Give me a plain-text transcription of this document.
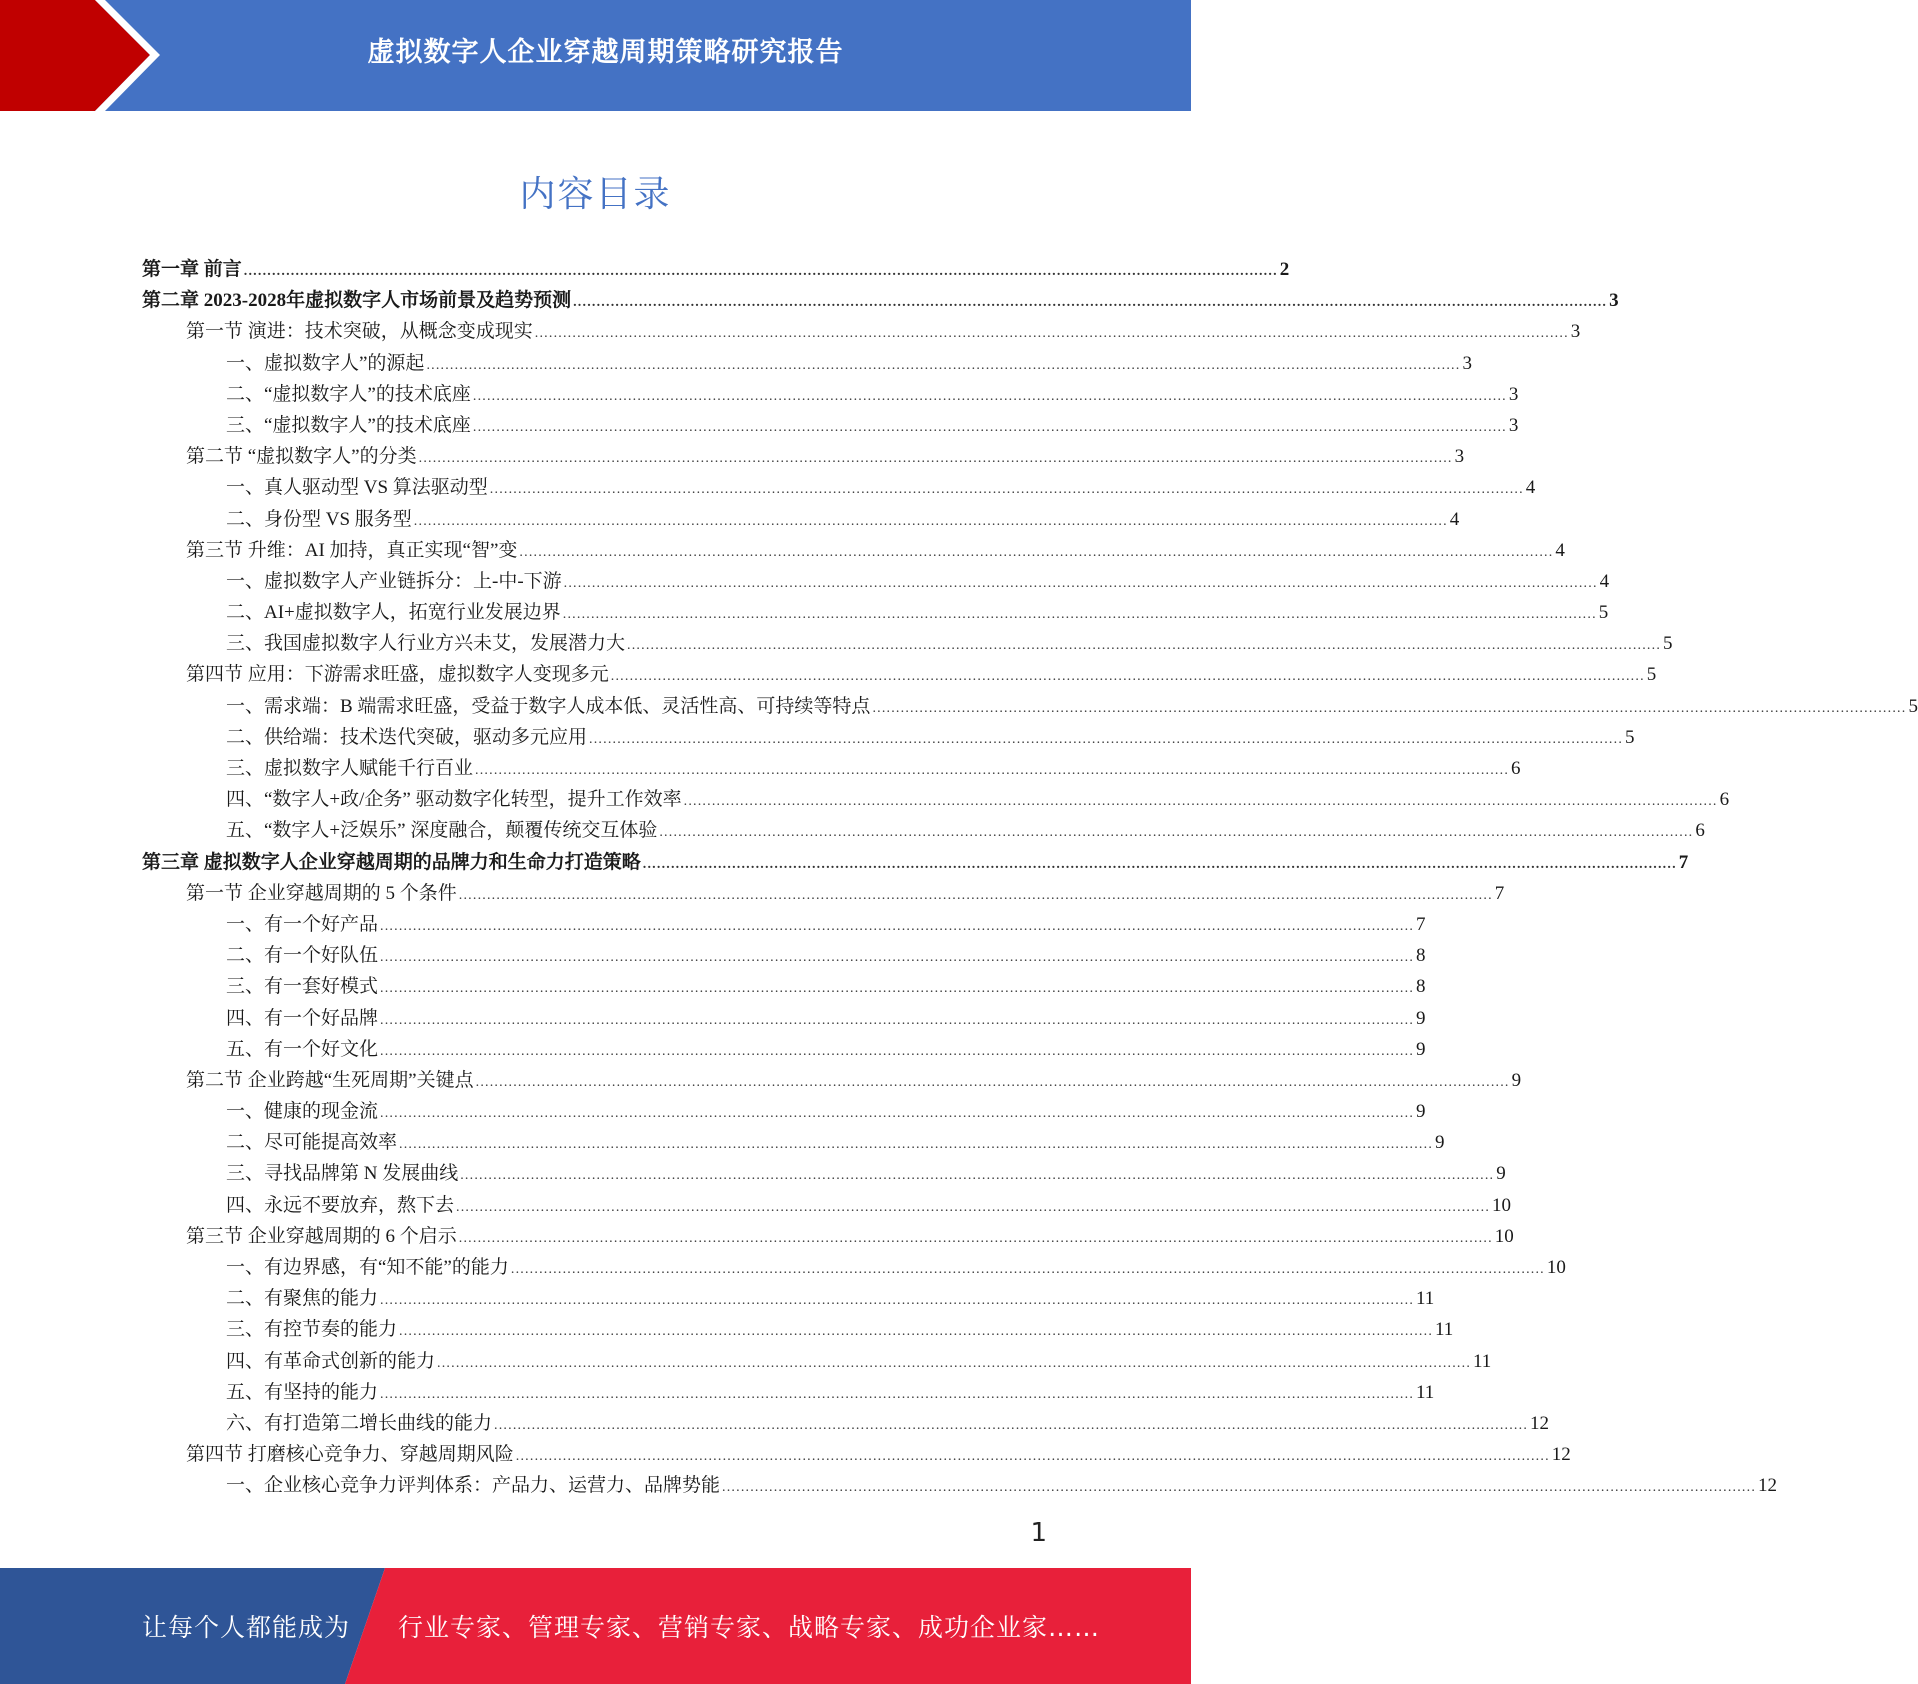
虚拟数字人企业穿越周期策略研究报告
内容目录
第一章 前言 ............................................................................................................................................................................................................................ 2
第二章 2023-2028年虚拟数字人市场前景及趋势预测 ............................................................................................................................................................................................................................ 3
第一节 演进：技术突破，从概念变成现实 ............................................................................................................................................................................................................................ 3
一、虚拟数字人”的源起 ............................................................................................................................................................................................................................ 3
二、“虚拟数字人”的技术底座 ............................................................................................................................................................................................................................ 3
三、“虚拟数字人”的技术底座 ............................................................................................................................................................................................................................ 3
第二节 “虚拟数字人”的分类 ............................................................................................................................................................................................................................ 3
一、真人驱动型 VS 算法驱动型 ............................................................................................................................................................................................................................ 4
二、身份型 VS 服务型 ............................................................................................................................................................................................................................ 4
第三节 升维：AI 加持，真正实现“智”变 ............................................................................................................................................................................................................................ 4
一、虚拟数字人产业链拆分：上-中-下游 ............................................................................................................................................................................................................................ 4
二、AI+虚拟数字人，拓宽行业发展边界 ............................................................................................................................................................................................................................ 5
三、我国虚拟数字人行业方兴未艾，发展潜力大 ............................................................................................................................................................................................................................ 5
第四节 应用：下游需求旺盛，虚拟数字人变现多元 ............................................................................................................................................................................................................................ 5
一、需求端：B 端需求旺盛，受益于数字人成本低、灵活性高、可持续等特点 ............................................................................................................................................................................................................................ 5
二、供给端：技术迭代突破，驱动多元应用 ............................................................................................................................................................................................................................ 5
三、虚拟数字人赋能千行百业 ............................................................................................................................................................................................................................ 6
四、“数字人+政/企务” 驱动数字化转型，提升工作效率 ............................................................................................................................................................................................................................ 6
五、“数字人+泛娱乐” 深度融合，颠覆传统交互体验 ............................................................................................................................................................................................................................ 6
第三章 虚拟数字人企业穿越周期的品牌力和生命力打造策略 ............................................................................................................................................................................................................................ 7
第一节 企业穿越周期的 5 个条件 ............................................................................................................................................................................................................................ 7
一、有一个好产品 ............................................................................................................................................................................................................................ 7
二、有一个好队伍 ............................................................................................................................................................................................................................ 8
三、有一套好模式 ............................................................................................................................................................................................................................ 8
四、有一个好品牌 ............................................................................................................................................................................................................................ 9
五、有一个好文化 ............................................................................................................................................................................................................................ 9
第二节 企业跨越“生死周期”关键点 ............................................................................................................................................................................................................................ 9
一、健康的现金流 ............................................................................................................................................................................................................................ 9
二、尽可能提高效率 ............................................................................................................................................................................................................................ 9
三、寻找品牌第 N 发展曲线 ............................................................................................................................................................................................................................ 9
四、永远不要放弃，熬下去 ............................................................................................................................................................................................................................ 10
第三节 企业穿越周期的 6 个启示 ............................................................................................................................................................................................................................ 10
一、有边界感，有“知不能”的能力 ............................................................................................................................................................................................................................ 10
二、有聚焦的能力 ............................................................................................................................................................................................................................ 11
三、有控节奏的能力 ............................................................................................................................................................................................................................ 11
四、有革命式创新的能力 ............................................................................................................................................................................................................................ 11
五、有坚持的能力 ............................................................................................................................................................................................................................ 11
六、有打造第二增长曲线的能力 ............................................................................................................................................................................................................................ 12
第四节 打磨核心竞争力、穿越周期风险 ............................................................................................................................................................................................................................ 12
一、企业核心竞争力评判体系：产品力、运营力、品牌势能 ............................................................................................................................................................................................................................ 12
1
让每个人都能成为 行业专家、管理专家、营销专家、战略专家、成功企业家……
